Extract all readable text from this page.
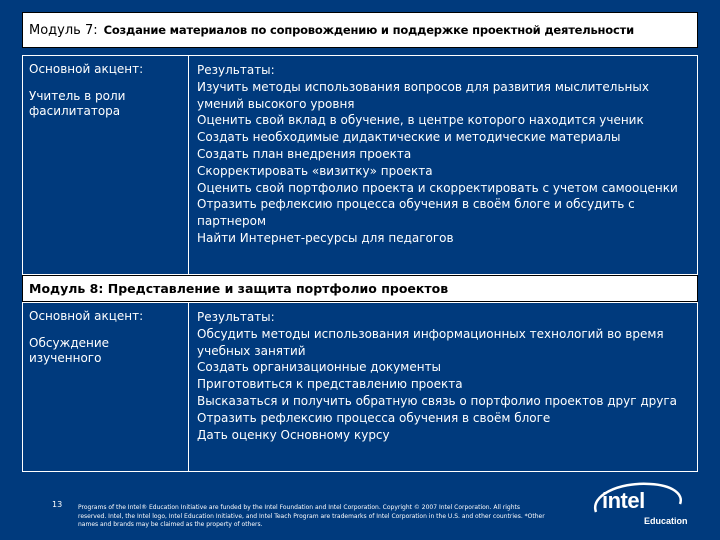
Модуль 7: Создание материалов по сопровождению и поддержке проектной деятельности
Основной акцент:
Учитель в роли фасилитатора
Результаты:
Изучить методы использования вопросов для развития мыслительных умений высокого уровня
Оценить свой вклад в обучение, в центре которого находится ученик
Создать необходимые дидактические и методические материалы
Создать план внедрения проекта
Скорректировать «визитку» проекта
Оценить свой портфолио проекта и скорректировать с учетом самооценки
Отразить рефлексию процесса обучения в своём блоге и обсудить с партнером
Найти Интернет-ресурсы для педагогов
Модуль 8: Представление и защита портфолио проектов
Основной акцент:
Обсуждение изученного
Результаты:
Обсудить методы использования информационных технологий во время учебных занятий
Создать организационные документы
Приготовиться к представлению проекта
Высказаться и получить обратную связь о портфолио проектов друг друга
Отразить рефлексию процесса обучения в своём блоге
Дать оценку Основному курсу
13	Programs of the Intel® Education Initiative are funded by the Intel Foundation and Intel Corporation. Copyright © 2007 Intel Corporation. All rights reserved. Intel, the Intel logo, Intel Education Initiative, and Intel Teach Program are trademarks of Intel Corporation in the U.S. and other countries. *Other names and brands may be claimed as the property of others.
intel
Education
